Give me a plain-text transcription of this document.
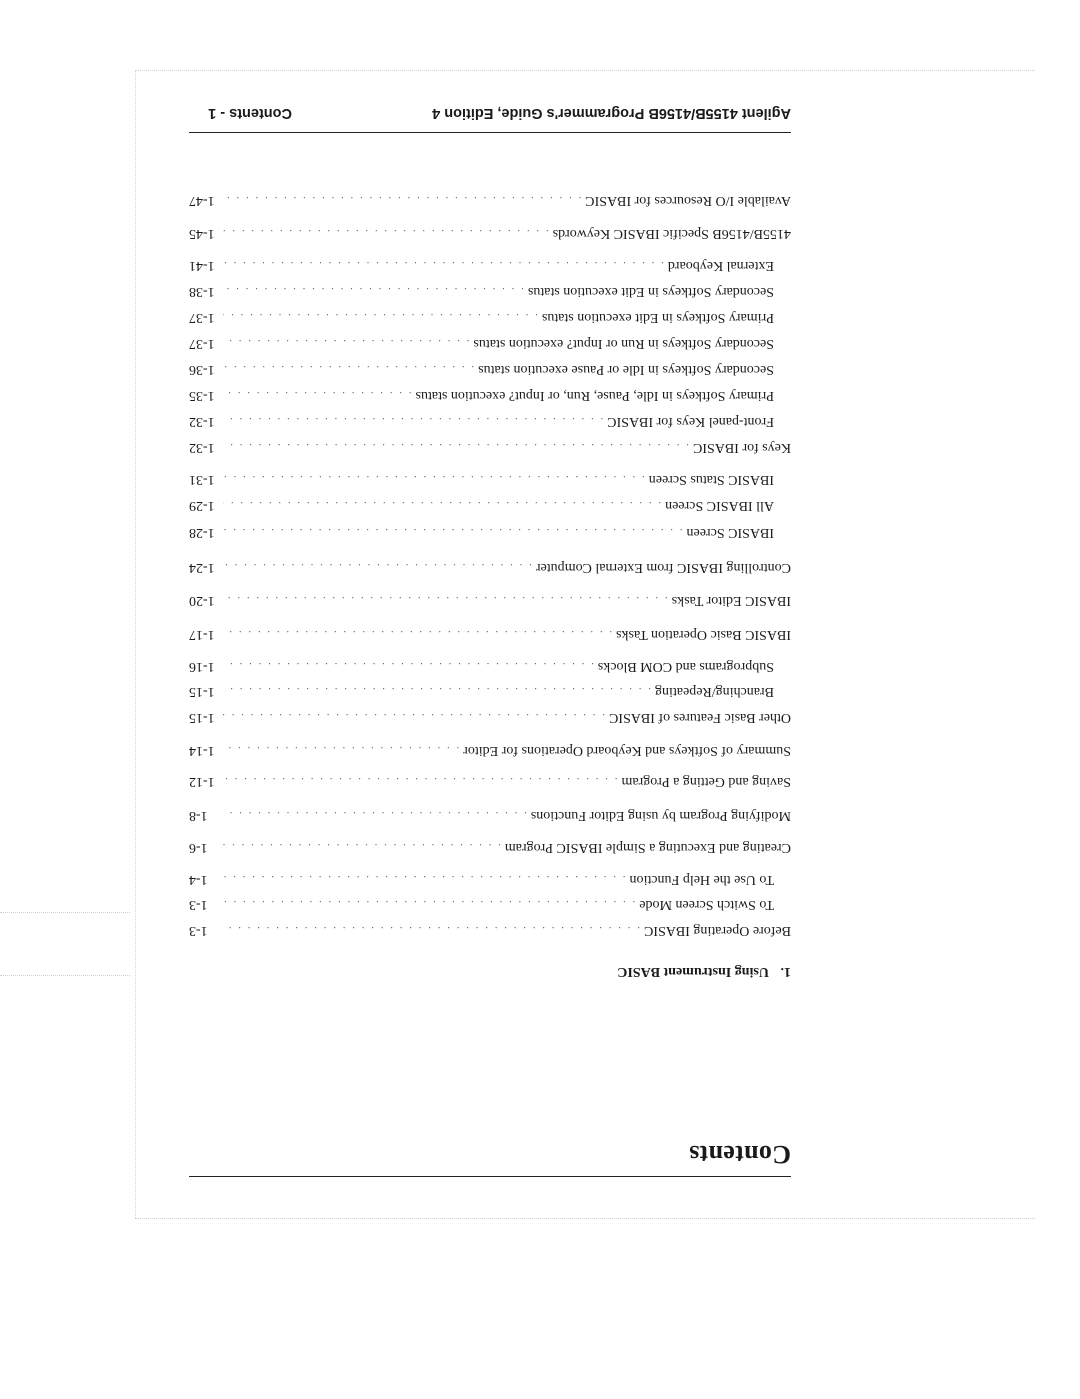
Agilent 4155B/4156B Programmer's Guide, Edition 4
Contents - 1
Contents
1.Using Instrument BASIC
Before Operating IBASIC
. . .
1-3
To Switch Screen Mode
. . .
1-3
To Use the Help Function
. . .
1-4
Creating and Executing a Simple IBASIC Program
. . .
1-6
Modifying Program by using Editor Functions
. . .
1-8
Saving and Getting a Program
. . .
1-12
Summary of Softkeys and Keyboard Operations for Editor
. . .
1-14
Other Basic Features of IBASIC
. . .
1-15
Branching/Repeating
. . .
1-15
Subprograms and COM Blocks
. . .
1-16
IBASIC Basic Operation Tasks
. . .
1-17
IBASIC Editor Tasks
. . .
1-20
Controlling IBASIC from External Computer
. . .
1-24
IBASIC Screen
. . .
1-28
All IBASIC Screen
. . .
1-29
IBASIC Status Screen
. . .
1-31
Keys for IBASIC
. . .
1-32
Front-panel Keys for IBASIC
. . .
1-32
Primary Softkeys in Idle, Pause, Run, or Input? execution status
. . .
1-35
Secondary Softkeys in Idle or Pause execution status
. . .
1-36
Secondary Softkeys in Run or Input? execution status
. . .
1-37
Primary Softkeys in Edit execution status
. . .
1-37
Secondary Softkeys in Edit execution status
. . .
1-38
External Keyboard
. . .
1-41
4155B/4156B Specific IBASIC Keywords
. . .
1-45
Available I/O Resources for IBASIC
. . .
1-47
